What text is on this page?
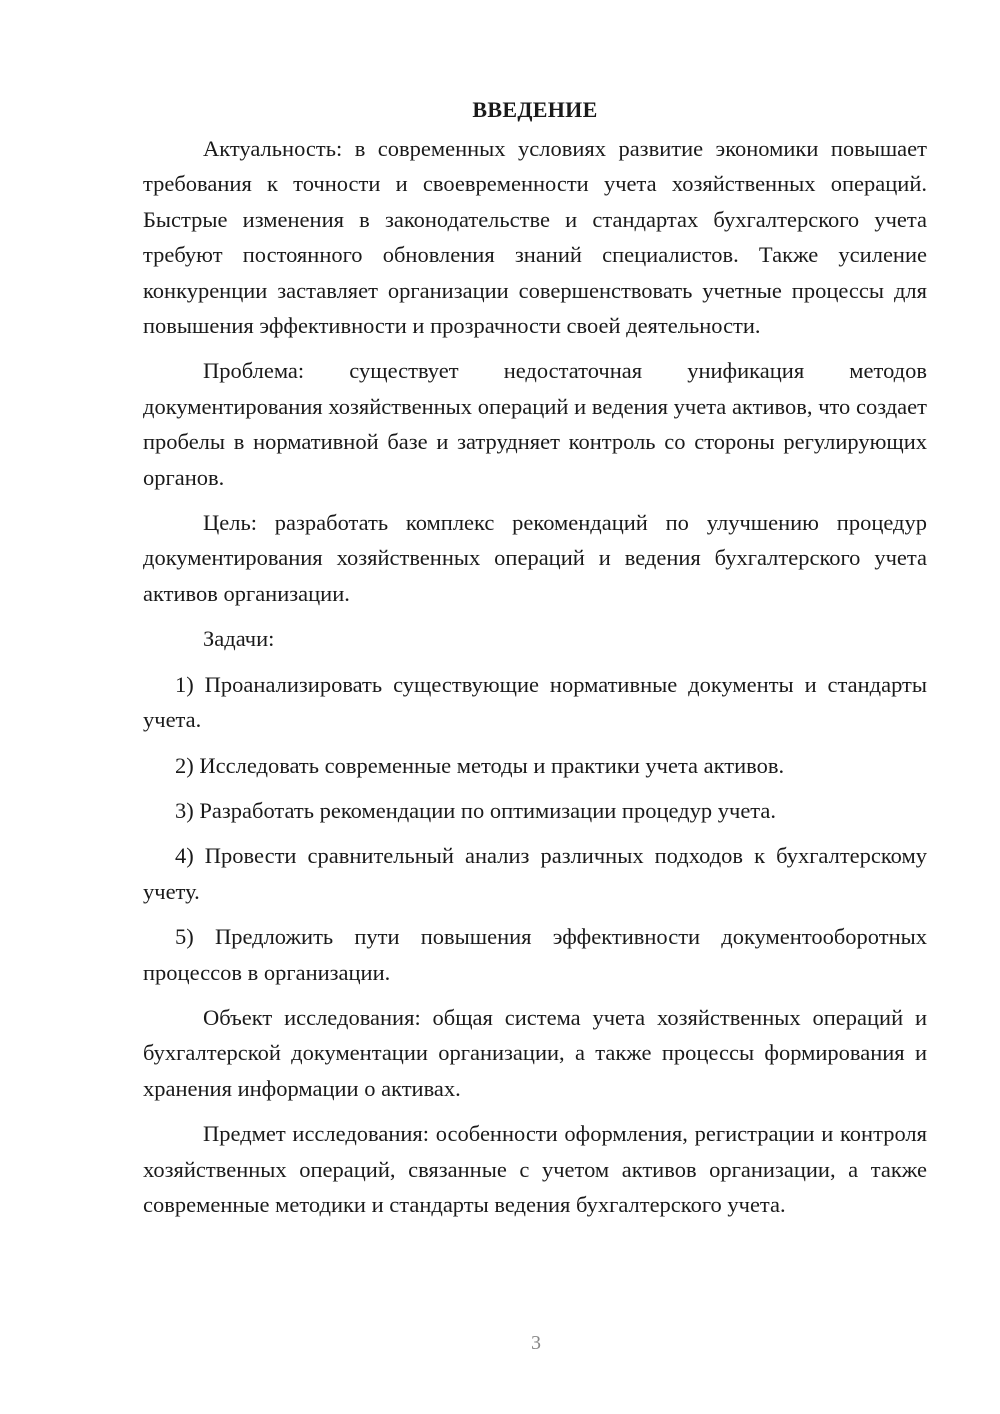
ВВЕДЕНИЕ

Актуальность: в современных условиях развитие экономики повышает требования к точности и своевременности учета хозяйственных операций. Быстрые изменения в законодательстве и стандартах бухгалтерского учета требуют постоянного обновления знаний специалистов. Также усиление конкуренции заставляет организации совершенствовать учетные процессы для повышения эффективности и прозрачности своей деятельности.

Проблема: существует недостаточная унификация методов документирования хозяйственных операций и ведения учета активов, что создает пробелы в нормативной базе и затрудняет контроль со стороны регулирующих органов.

Цель: разработать комплекс рекомендаций по улучшению процедур документирования хозяйственных операций и ведения бухгалтерского учета активов организации.

Задачи:

1) Проанализировать существующие нормативные документы и стандарты учета.

2) Исследовать современные методы и практики учета активов.

3) Разработать рекомендации по оптимизации процедур учета.

4) Провести сравнительный анализ различных подходов к бухгалтерскому учету.

5) Предложить пути повышения эффективности документооборотных процессов в организации.

Объект исследования: общая система учета хозяйственных операций и бухгалтерской документации организации, а также процессы формирования и хранения информации о активах.

Предмет исследования: особенности оформления, регистрации и контроля хозяйственных операций, связанные с учетом активов организации, а также современные методики и стандарты ведения бухгалтерского учета.

3
